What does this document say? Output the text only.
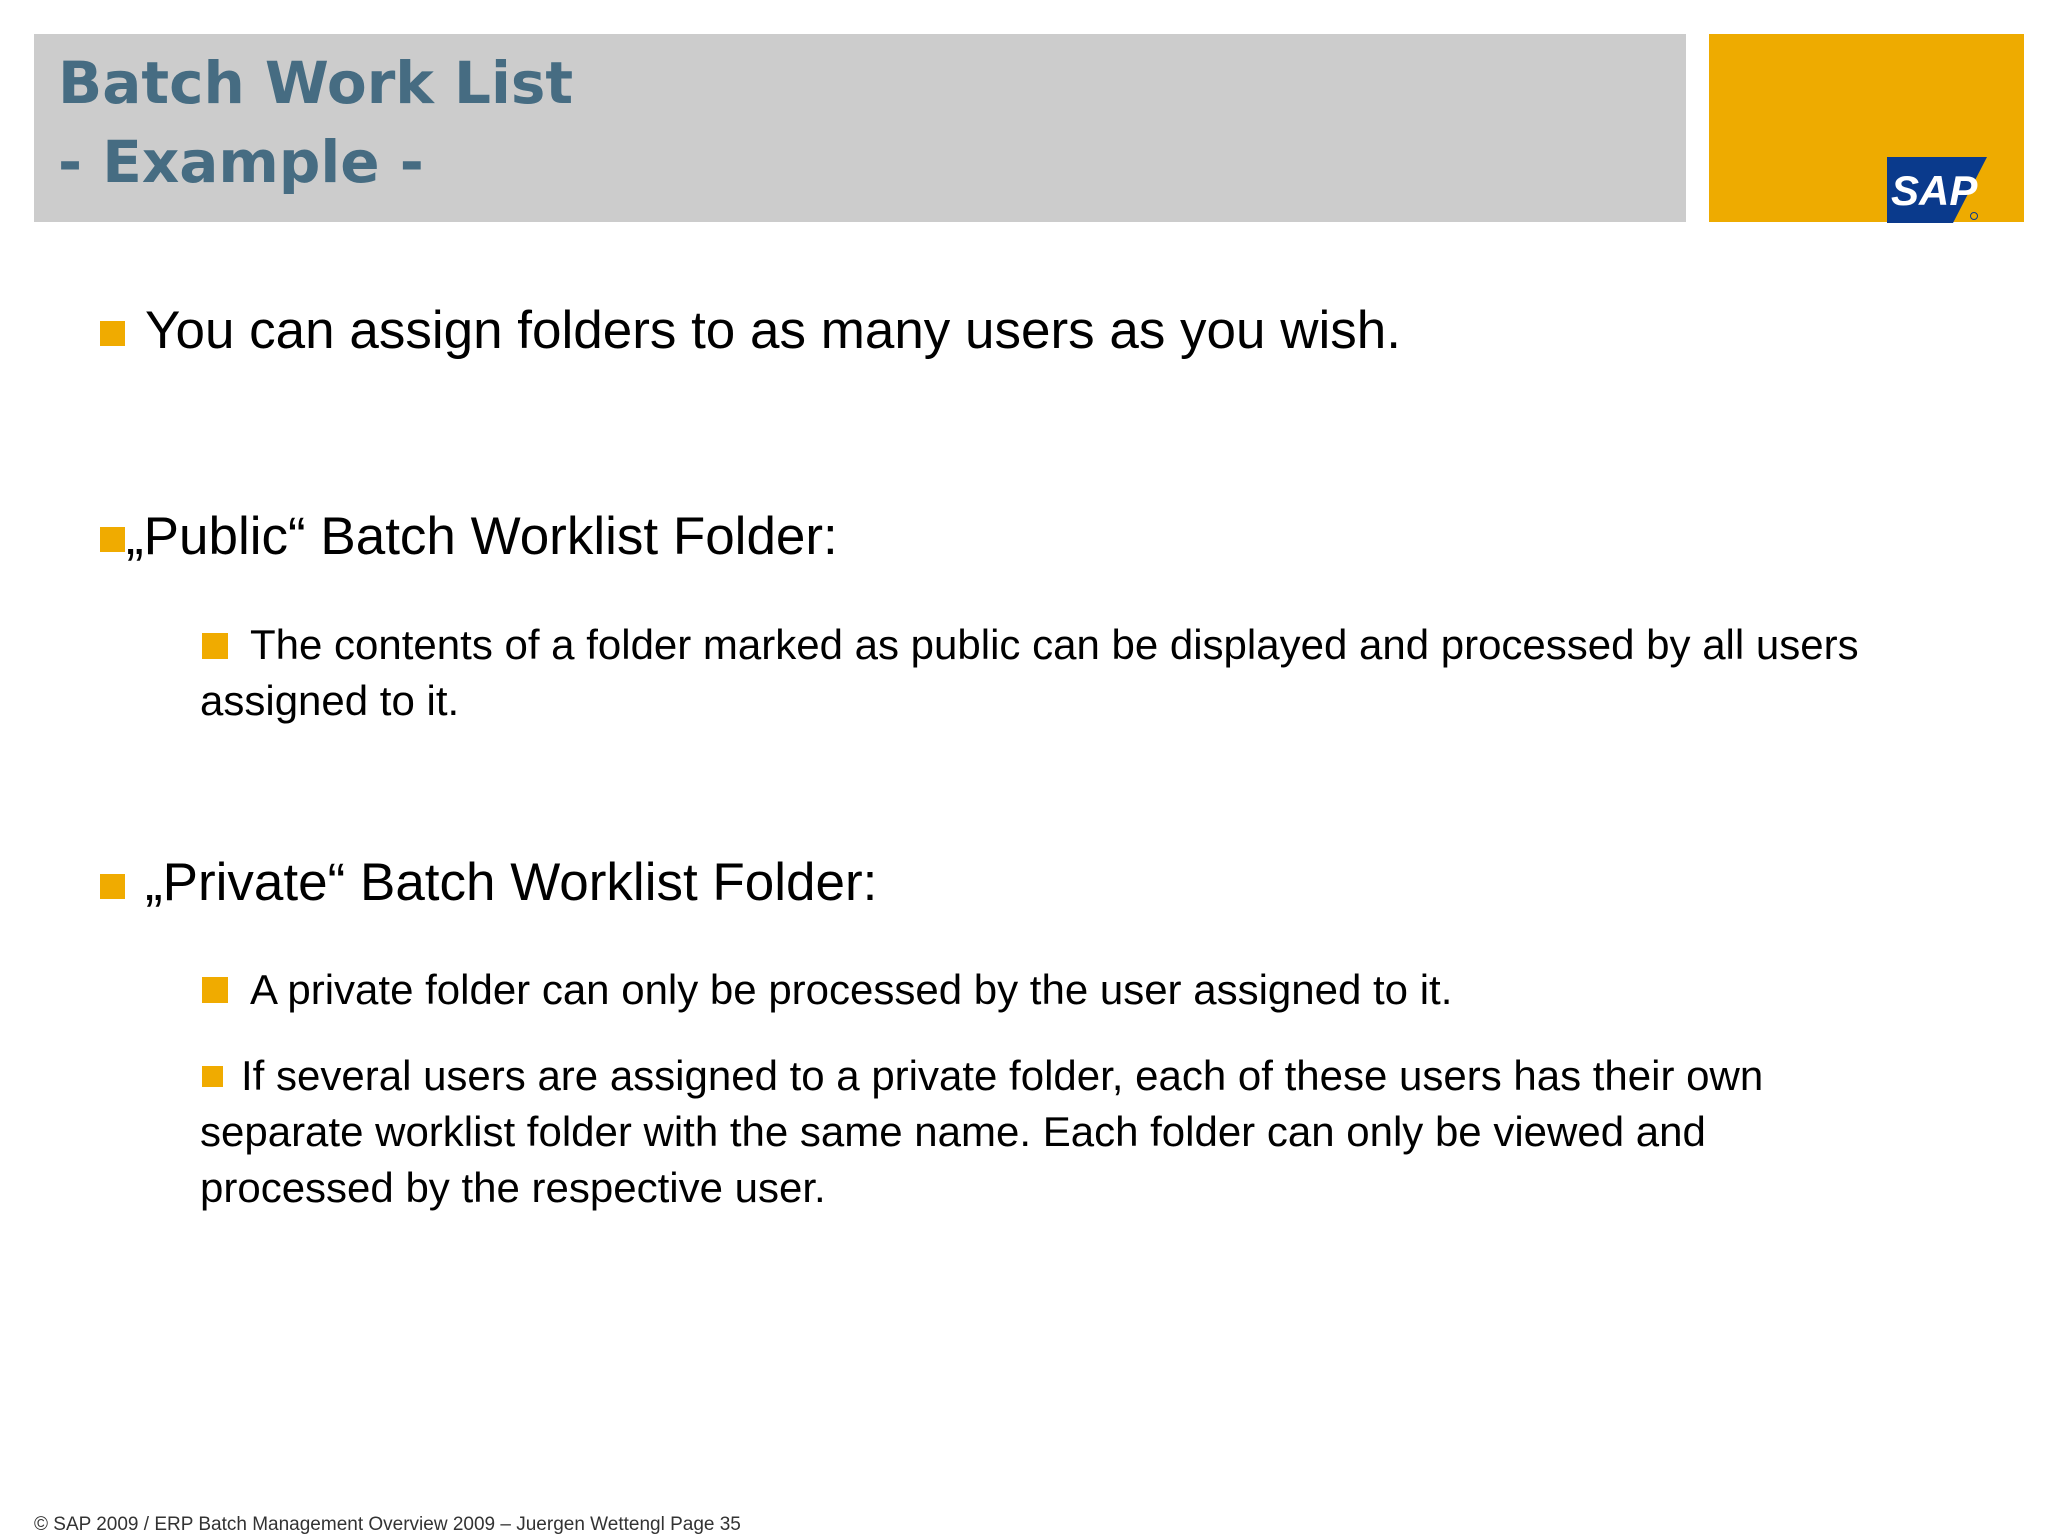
Batch Work List
- Example -	SAP

You can assign folders to as many users as you wish.

„Public“ Batch Worklist Folder:

The contents of a folder marked as public can be displayed and processed by all users assigned to it.

„Private“ Batch Worklist Folder:

A private folder can only be processed by the user assigned to it.

If several users are assigned to a private folder, each of these users has their own separate worklist folder with the same name. Each folder can only be viewed and processed by the respective user.

© SAP 2009 / ERP Batch Management Overview 2009 – Juergen Wettengl Page 35
